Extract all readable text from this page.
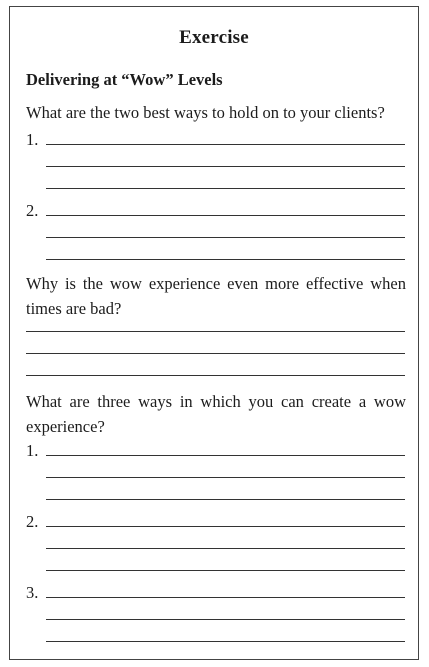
Exercise
Delivering at “Wow” Levels
What are the two best ways to hold on to your clients?
1.
2.
Why is the wow experience even more effective when times are bad?
What are three ways in which you can create a wow experience?
1.
2.
3.
